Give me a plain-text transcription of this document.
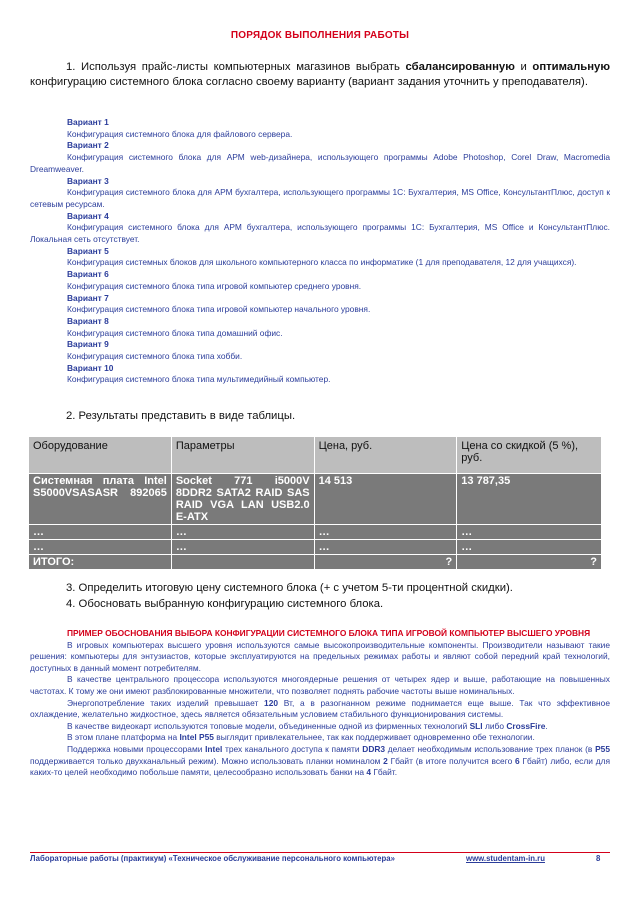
ПОРЯДОК ВЫПОЛНЕНИЯ РАБОТЫ
1. Используя прайс-листы компьютерных магазинов выбрать сбалансированную и оптимальную конфигурацию системного блока согласно своему варианту (вариант задания уточнить у преподавателя).
Вариант 1
Конфигурация системного блока для файлового сервера.
Вариант 2
Конфигурация системного блока для АРМ web-дизайнера, использующего программы Adobe Photoshop, Corel Draw, Macromedia Dreamweaver.
Вариант 3
Конфигурация системного блока для АРМ бухгалтера, использующего программы 1С: Бухгалтерия, MS Office, КонсультантПлюс, доступ к сетевым ресурсам.
Вариант 4
Конфигурация системного блока для АРМ бухгалтера, использующего программы 1С: Бухгалтерия, MS Office и КонсультантПлюс. Локальная сеть отсутствует.
Вариант 5
Конфигурация системных блоков для школьного компьютерного класса по информатике (1 для преподавателя, 12 для учащихся).
Вариант 6
Конфигурация системного блока типа игровой компьютер среднего уровня.
Вариант 7
Конфигурация системного блока типа игровой компьютер начального уровня.
Вариант 8
Конфигурация системного блока типа домашний офис.
Вариант 9
Конфигурация системного блока типа хобби.
Вариант 10
Конфигурация системного блока типа мультимедийный компьютер.
2. Результаты представить в виде таблицы.
Оборудование	Параметры	Цена, руб.	Цена со скидкой (5 %), руб.
Системная плата Intel S5000VSASASR 892065	Socket 771 i5000V 8DDR2 SATA2 RAID SAS RAID VGA LAN USB2.0 E-ATX	14 513	13 787,35
…	…	…	…
…	…	…	…
ИТОГО:		?	?
3. Определить итоговую цену системного блока (+ с учетом 5-ти процентной скидки).
4. Обосновать выбранную конфигурацию системного блока.
ПРИМЕР ОБОСНОВАНИЯ ВЫБОРА КОНФИГУРАЦИИ СИСТЕМНОГО БЛОКА ТИПА ИГРОВОЙ КОМПЬЮТЕР ВЫСШЕГО УРОВНЯ

В игровых компьютерах высшего уровня используются самые высокопроизводительные компоненты. Производители называют такие решения: компьютеры для энтузиастов, которые эксплуатируются на предельных режимах работы и являют собой передний край технологий, доступных в данный момент потребителям.

В качестве центрального процессора используются многоядерные решения от четырех ядер и выше, работающие на повышенных частотах. К тому же они имеют разблокированные множители, что позволяет поднять рабочие частоты выше номинальных.

Энергопотребление таких изделий превышает 120 Вт, а в разогнанном режиме поднимается еще выше. Так что эффективное охлаждение, желательно жидкостное, здесь является обязательным условием стабильного функционирования системы.

В качестве видеокарт используются топовые модели, объединенные одной из фирменных технологий SLI либо CrossFire.

В этом плане платформа на Intel P55 выглядит привлекательнее, так как поддерживает одновременно обе технологии.

Поддержка новыми процессорами Intel трех канального доступа к памяти DDR3 делает необходимым использование трех планок (в P55 поддерживается только двухканальный режим). Можно использовать планки номиналом 2 Гбайт (в итоге получится всего 6 Гбайт) либо, если для каких-то целей необходимо побольше памяти, целесообразно использовать банки на 4 Гбайт.

Лабораторные работы (практикум) «Техническое обслуживание персонального компьютера»	www.studentam-in.ru	8
